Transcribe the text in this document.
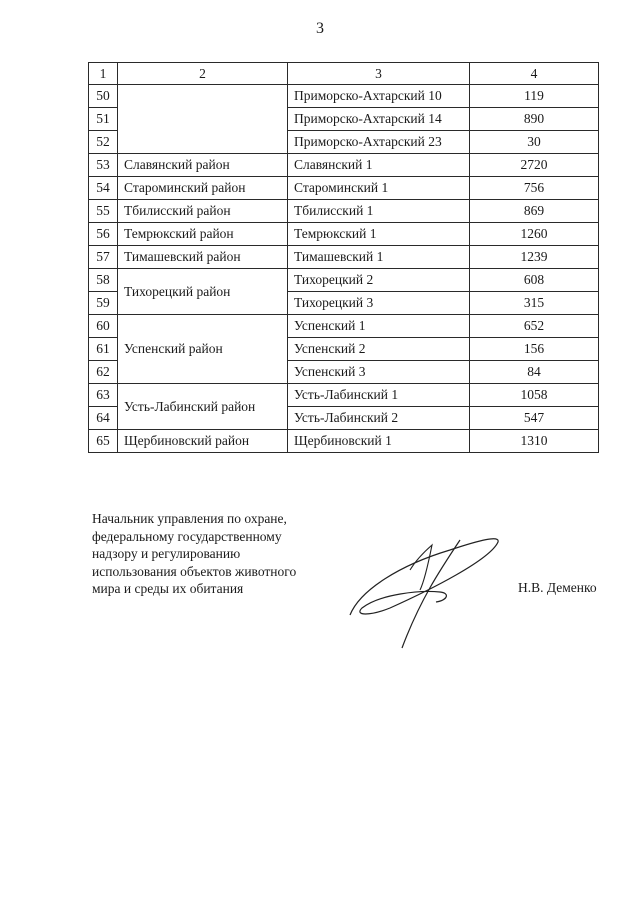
3
1	2	3	4
50		Приморско-Ахтарский 10	119
51		Приморско-Ахтарский 14	890
52		Приморско-Ахтарский 23	30
53	Славянский район	Славянский 1	2720
54	Староминский район	Староминский 1	756
55	Тбилисский район	Тбилисский 1	869
56	Темрюкский район	Темрюкский 1	1260
57	Тимашевский район	Тимашевский 1	1239
58	Тихорецкий район	Тихорецкий 2	608
59		Тихорецкий 3	315
60	Успенский район	Успенский 1	652
61		Успенский 2	156
62		Успенский 3	84
63	Усть-Лабинский район	Усть-Лабинский 1	1058
64		Усть-Лабинский 2	547
65	Щербиновский район	Щербиновский 1	1310
Начальник управления по охране,
федеральному государственному
надзору и регулированию
использования объектов животного
мира и среды их обитания	Н.В. Деменко
